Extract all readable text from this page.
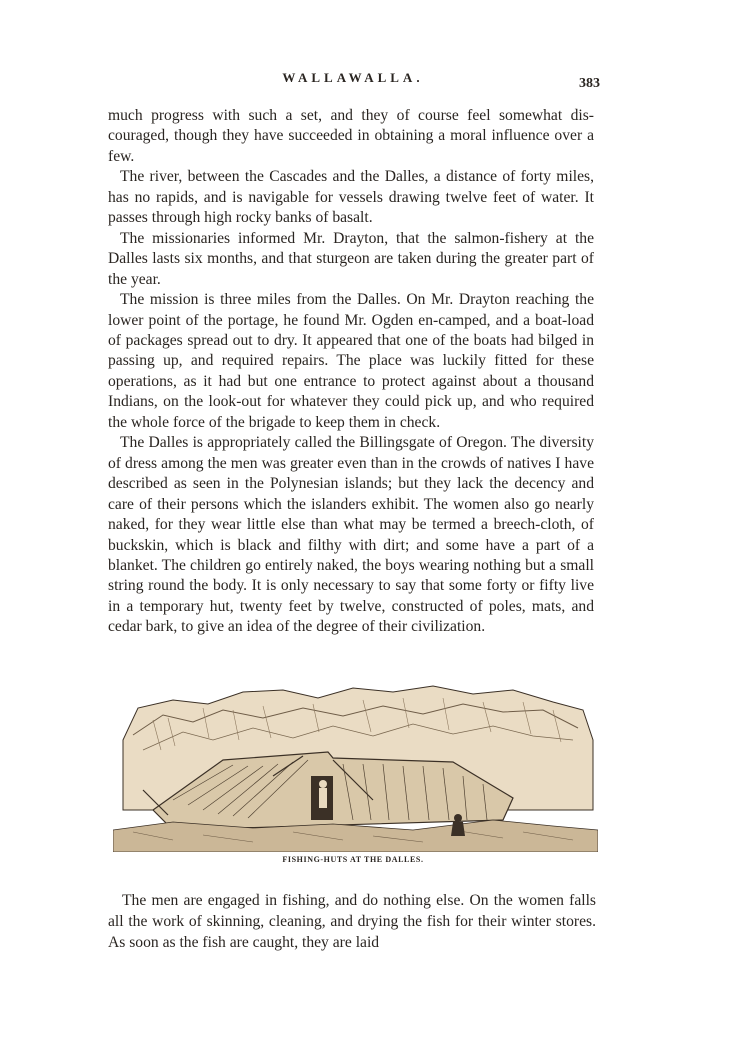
WALLAWALLA.	383

much progress with such a set, and they of course feel somewhat dis-couraged, though they have succeeded in obtaining a moral influence over a few.

The river, between the Cascades and the Dalles, a distance of forty miles, has no rapids, and is navigable for vessels drawing twelve feet of water. It passes through high rocky banks of basalt.

The missionaries informed Mr. Drayton, that the salmon-fishery at the Dalles lasts six months, and that sturgeon are taken during the greater part of the year.

The mission is three miles from the Dalles. On Mr. Drayton reaching the lower point of the portage, he found Mr. Ogden en-camped, and a boat-load of packages spread out to dry. It appeared that one of the boats had bilged in passing up, and required repairs. The place was luckily fitted for these operations, as it had but one entrance to protect against about a thousand Indians, on the look-out for whatever they could pick up, and who required the whole force of the brigade to keep them in check.

The Dalles is appropriately called the Billingsgate of Oregon. The diversity of dress among the men was greater even than in the crowds of natives I have described as seen in the Polynesian islands; but they lack the decency and care of their persons which the islanders exhibit. The women also go nearly naked, for they wear little else than what may be termed a breech-cloth, of buckskin, which is black and filthy with dirt; and some have a part of a blanket. The children go entirely naked, the boys wearing nothing but a small string round the body. It is only necessary to say that some forty or fifty live in a temporary hut, twenty feet by twelve, constructed of poles, mats, and cedar bark, to give an idea of the degree of their civilization.

FISHING-HUTS AT THE DALLES.

The men are engaged in fishing, and do nothing else. On the women falls all the work of skinning, cleaning, and drying the fish for their winter stores. As soon as the fish are caught, they are laid
